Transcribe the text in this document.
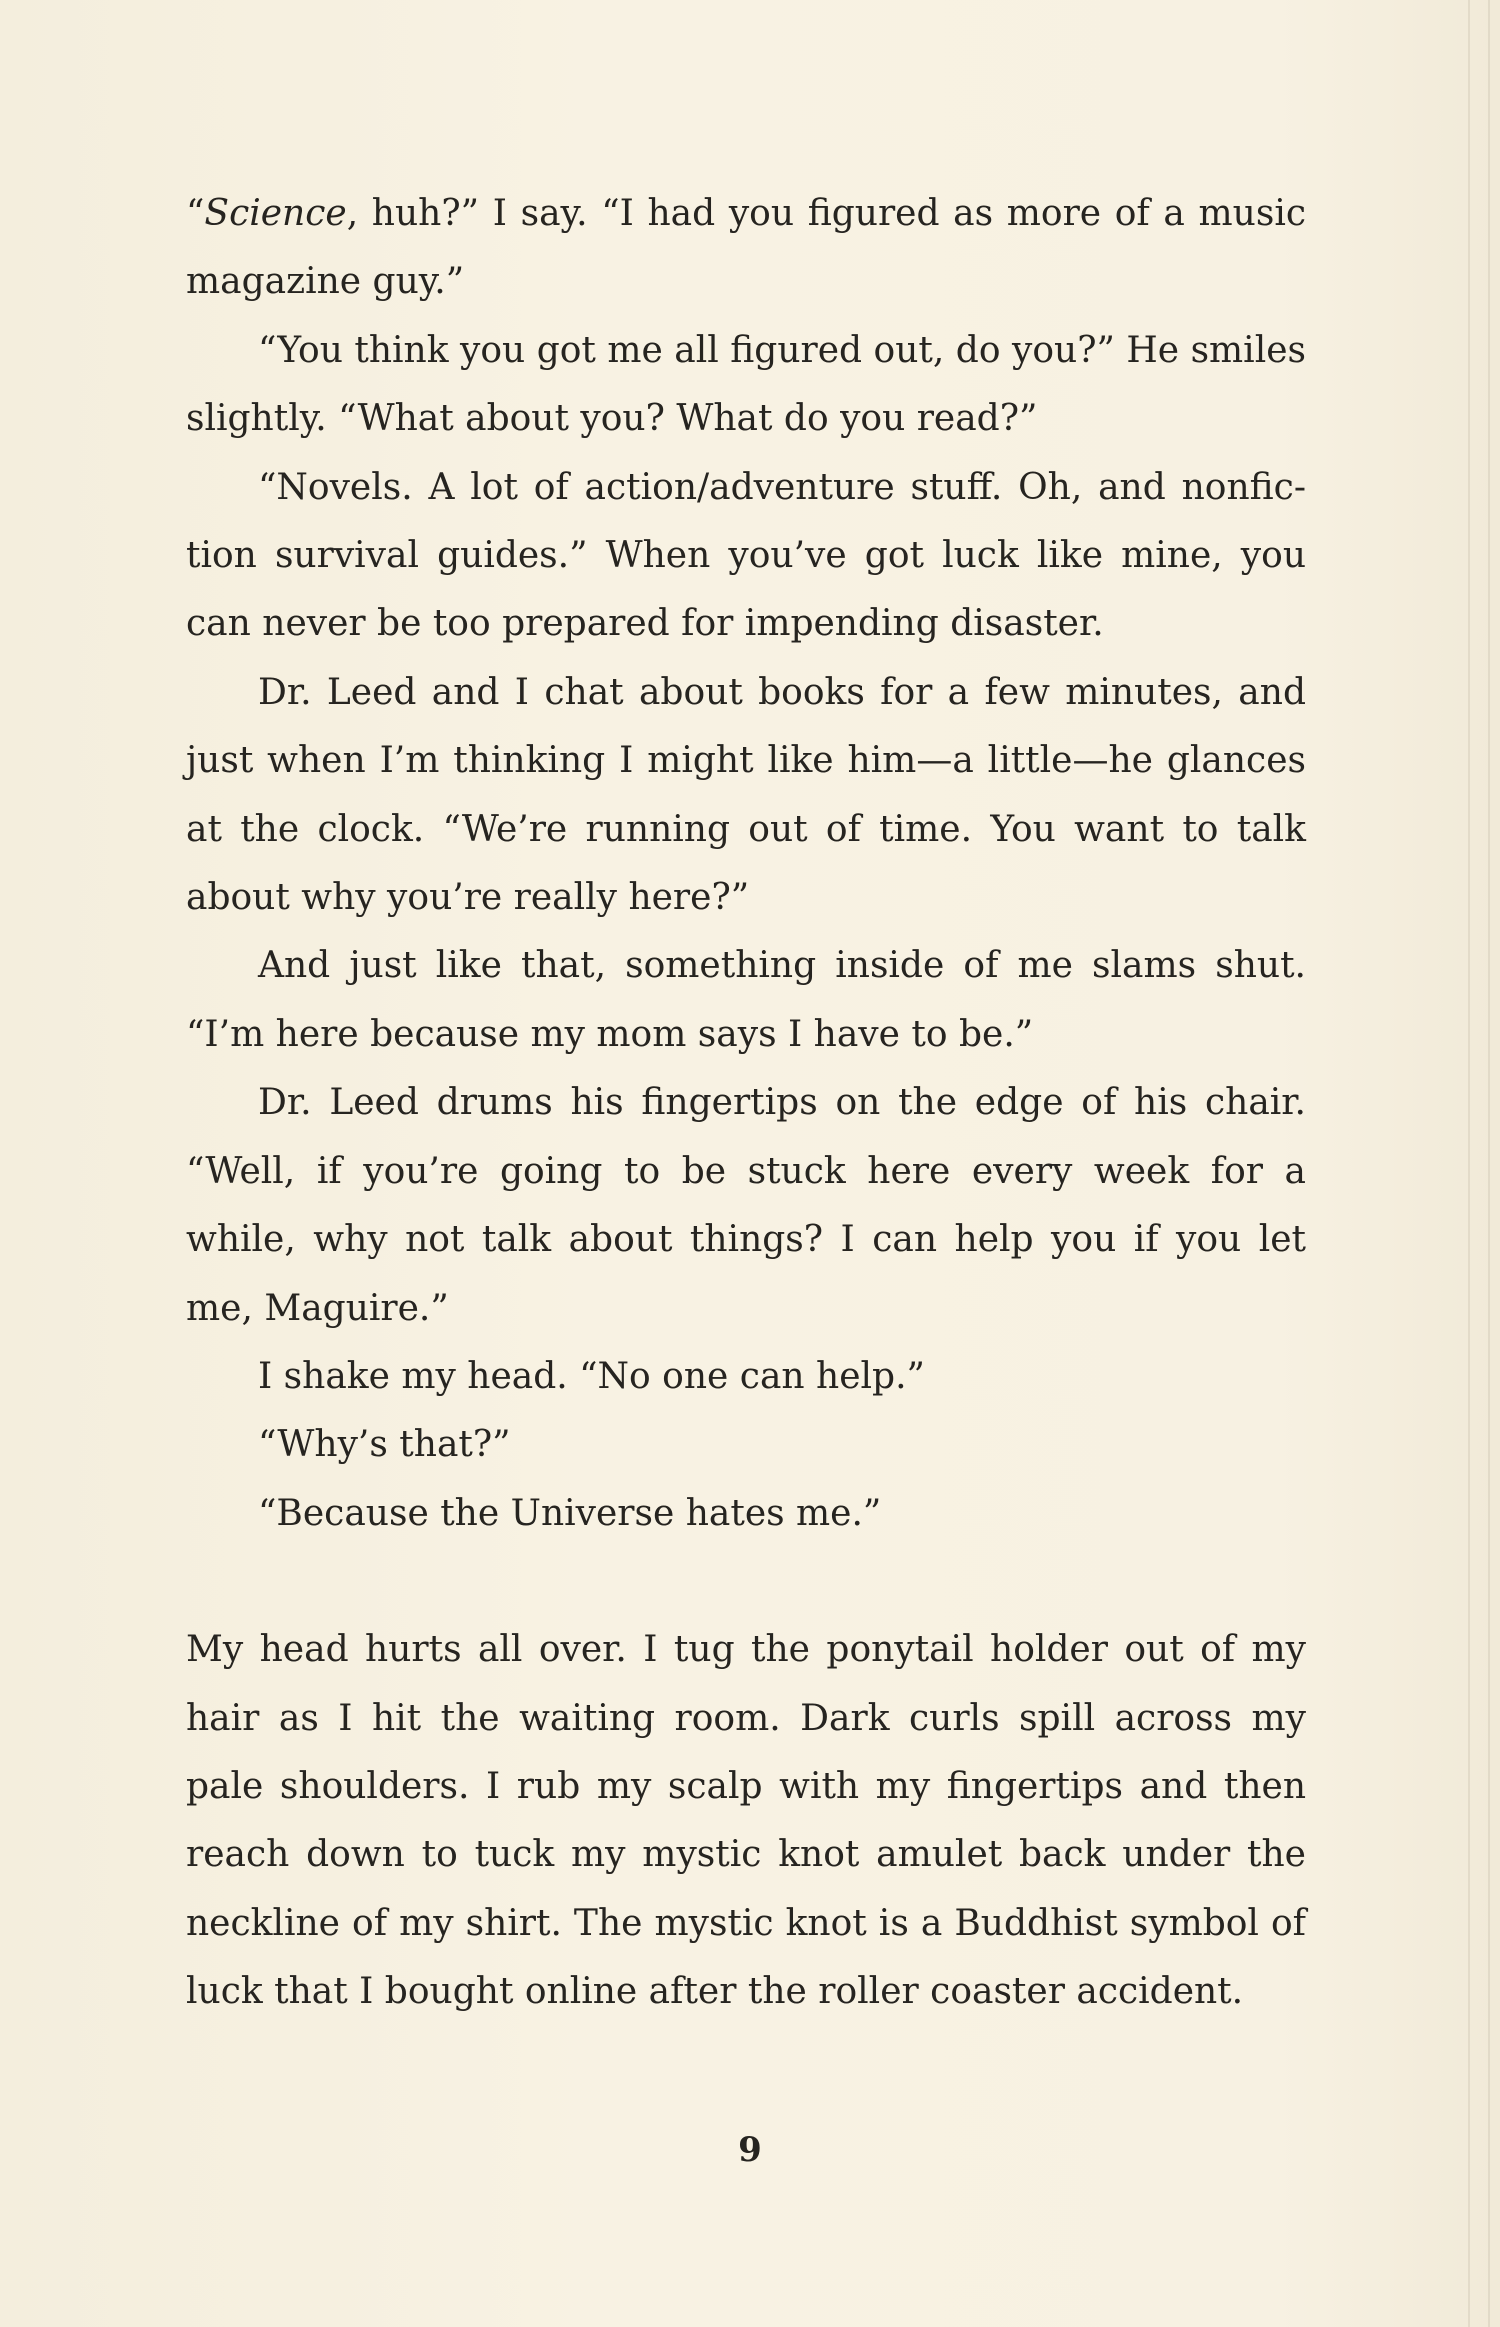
“Science, huh?” I say. “I had you figured as more of a music magazine guy.”

“You think you got me all figured out, do you?” He smiles slightly. “What about you? What do you read?”

“Novels. A lot of action/adventure stuff. Oh, and nonfiction survival guides.” When you’ve got luck like mine, you can never be too prepared for impending disaster.

Dr. Leed and I chat about books for a few minutes, and just when I’m thinking I might like him—a little—he glances at the clock. “We’re running out of time. You want to talk about why you’re really here?”

And just like that, something inside of me slams shut. “I’m here because my mom says I have to be.”

Dr. Leed drums his fingertips on the edge of his chair. “Well, if you’re going to be stuck here every week for a while, why not talk about things? I can help you if you let me, Maguire.”

I shake my head. “No one can help.”

“Why’s that?”

“Because the Universe hates me.”

My head hurts all over. I tug the ponytail holder out of my hair as I hit the waiting room. Dark curls spill across my pale shoulders. I rub my scalp with my fingertips and then reach down to tuck my mystic knot amulet back under the neckline of my shirt. The mystic knot is a Buddhist symbol of luck that I bought online after the roller coaster accident.

9
